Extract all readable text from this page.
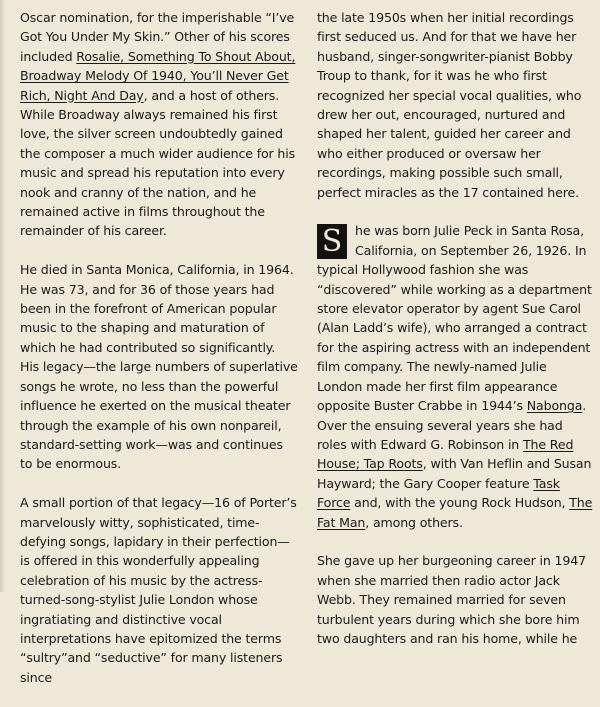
Oscar nomination, for the imperishable “I’ve Got You Under My Skin.” Other of his scores included Rosalie, Something To Shout About, Broadway Melody Of 1940, You’ll Never Get Rich, Night And Day, and a host of others. While Broadway always remained his first love, the silver screen undoubtedly gained the composer a much wider audience for his music and spread his reputation into every nook and cranny of the nation, and he remained active in films throughout the remainder of his career.

He died in Santa Monica, California, in 1964. He was 73, and for 36 of those years had been in the forefront of American popular music to the shaping and maturation of which he had contributed so significantly. His legacy—the large numbers of superlative songs he wrote, no less than the powerful influence he exerted on the musical theater through the example of his own nonpareil, standard-setting work—was and continues to be enormous.

A small portion of that legacy—16 of Porter’s marvelously witty, sophisticated, time-defying songs, lapidary in their perfection—is offered in this wonderfully appealing celebration of his music by the actress-turned-song-stylist Julie London whose ingratiating and distinctive vocal interpretations have epitomized the terms “sultry”and “seductive” for many listeners since

the late 1950s when her initial recordings first seduced us. And for that we have her husband, singer-songwriter-pianist Bobby Troup to thank, for it was he who first recognized her special vocal qualities, who drew her out, encouraged, nurtured and shaped her talent, guided her career and who either produced or oversaw her recordings, making possible such small, perfect miracles as the 17 contained here.

S	he was born Julie Peck in Santa Rosa, California, on September 26, 1926. In typical Hollywood fashion she was “discovered” while working as a department store elevator operator by agent Sue Carol (Alan Ladd’s wife), who arranged a contract for the aspiring actress with an independent film company. The newly-named Julie London made her first film appearance opposite Buster Crabbe in 1944’s Nabonga. Over the ensuing several years she had roles with Edward G. Robinson in The Red House; Tap Roots, with Van Heflin and Susan Hayward; the Gary Cooper feature Task Force and, with the young Rock Hudson, The Fat Man, among others.

She gave up her burgeoning career in 1947 when she married then radio actor Jack Webb. They remained married for seven turbulent years during which she bore him two daughters and ran his home, while he
